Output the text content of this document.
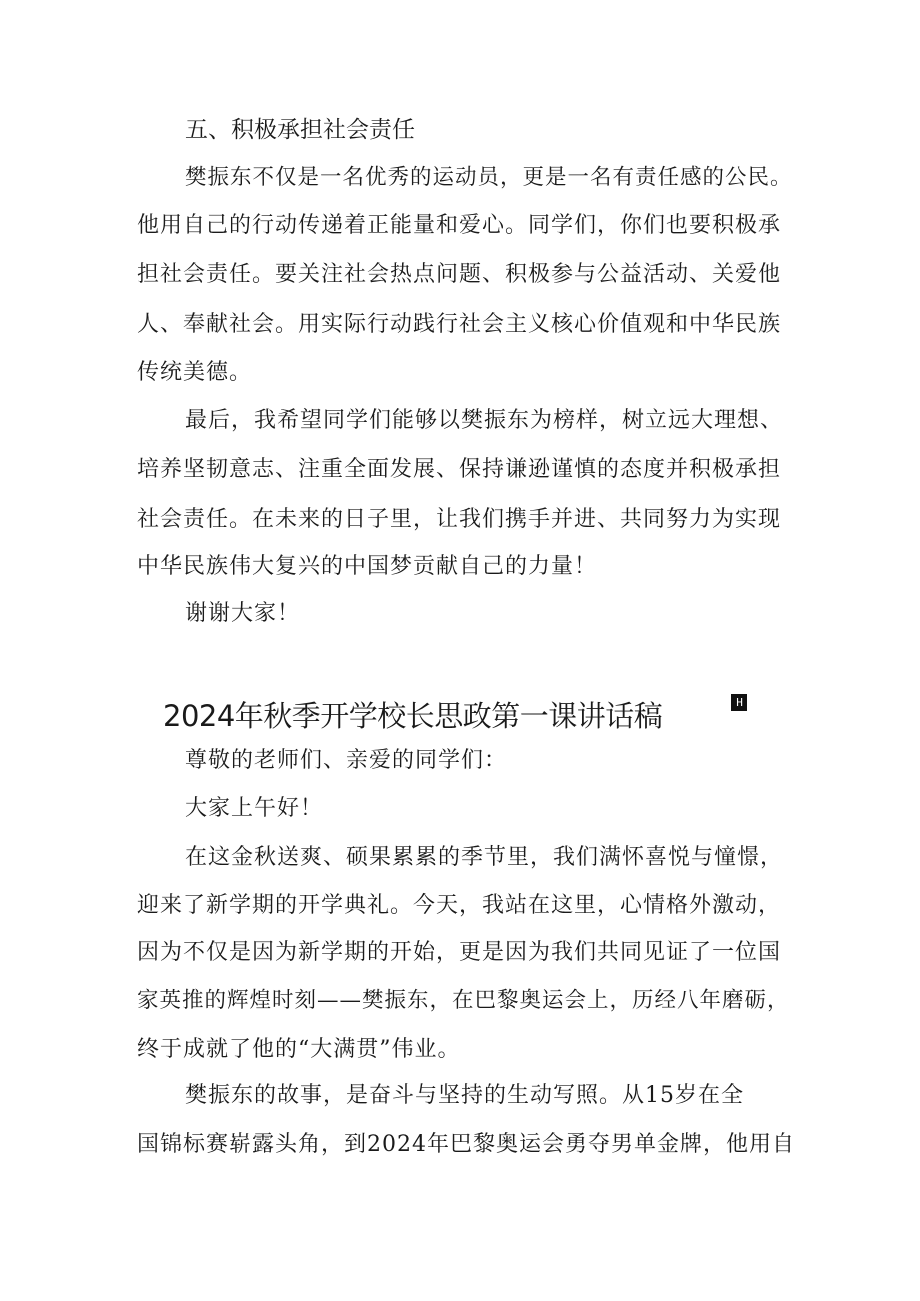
五、积极承担社会责任
樊振东不仅是一名优秀的运动员，更是一名有责任感的公民。
他用自己的行动传递着正能量和爱心。同学们，你们也要积极承
担社会责任。要关注社会热点问题、积极参与公益活动、关爱他
人、奉献社会。用实际行动践行社会主义核心价值观和中华民族
传统美德。
最后，我希望同学们能够以樊振东为榜样，树立远大理想、
培养坚韧意志、注重全面发展、保持谦逊谨慎的态度并积极承担
社会责任。在未来的日子里，让我们携手并进、共同努力为实现
中华民族伟大复兴的中国梦贡献自己的力量！
谢谢大家！
2024年秋季开学校长思政第一课讲话稿	H
尊敬的老师们、亲爱的同学们：
大家上午好！
在这金秋送爽、硕果累累的季节里，我们满怀喜悦与憧憬，
迎来了新学期的开学典礼。今天，我站在这里，心情格外激动，
因为不仅是因为新学期的开始，更是因为我们共同见证了一位国
家英推的辉煌时刻——樊振东，在巴黎奥运会上，历经八年磨砺，
终于成就了他的“大满贯”伟业。
樊振东的故事，是奋斗与坚持的生动写照。从15岁在全
国锦标赛崭露头角，到2024年巴黎奥运会勇夺男单金牌，他用自
